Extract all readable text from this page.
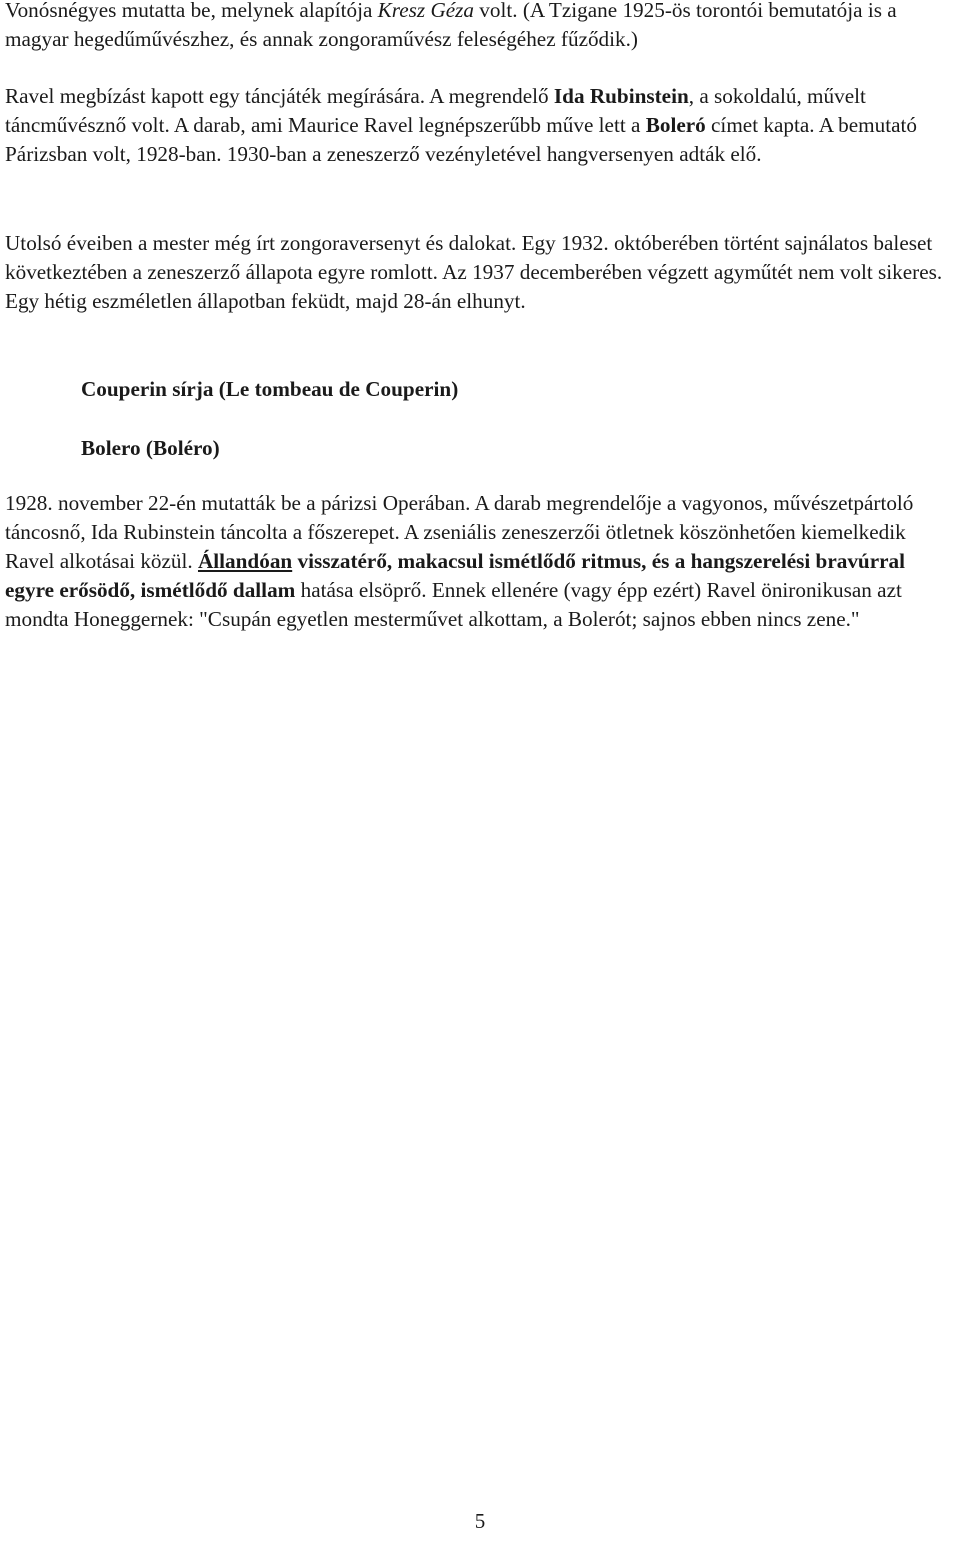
Vonósnégyes mutatta be, melynek alapítója Kresz Géza volt. (A Tzigane 1925-ös torontói bemutatója is a magyar hegedűművészhez, és annak zongoraművész feleségéhez fűződik.)

Ravel megbízást kapott egy táncjáték megírására. A megrendelő Ida Rubinstein, a sokoldalú, művelt táncművésznő volt. A darab, ami Maurice Ravel legnépszerűbb műve lett a Boleró címet kapta. A bemutató Párizsban volt, 1928-ban. 1930-ban a zeneszerző vezényletével hangversenyen adták elő.

Utolsó éveiben a mester még írt zongoraversenyt és dalokat. Egy 1932. októberében történt sajnálatos baleset következtében a zeneszerző állapota egyre romlott. Az 1937 decemberében végzett agyműtét nem volt sikeres. Egy hétig eszméletlen állapotban feküdt, majd 28-án elhunyt.

Couperin sírja (Le tombeau de Couperin)
Bolero (Boléro)

1928. november 22-én mutatták be a párizsi Operában. A darab megrendelője a vagyonos, művészetpártoló táncosnő, Ida Rubinstein táncolta a főszerepet. A zseniális zeneszerzői ötletnek köszönhetően kiemelkedik Ravel alkotásai közül. Állandóan visszatérő, makacsul ismétlődő ritmus, és a hangszerelési bravúrral egyre erősödő, ismétlődő dallam hatása elsöprő. Ennek ellenére (vagy épp ezért) Ravel önironikusan azt mondta Honeggernek: "Csupán egyetlen mesterművet alkottam, a Bolerót; sajnos ebben nincs zene."

5
